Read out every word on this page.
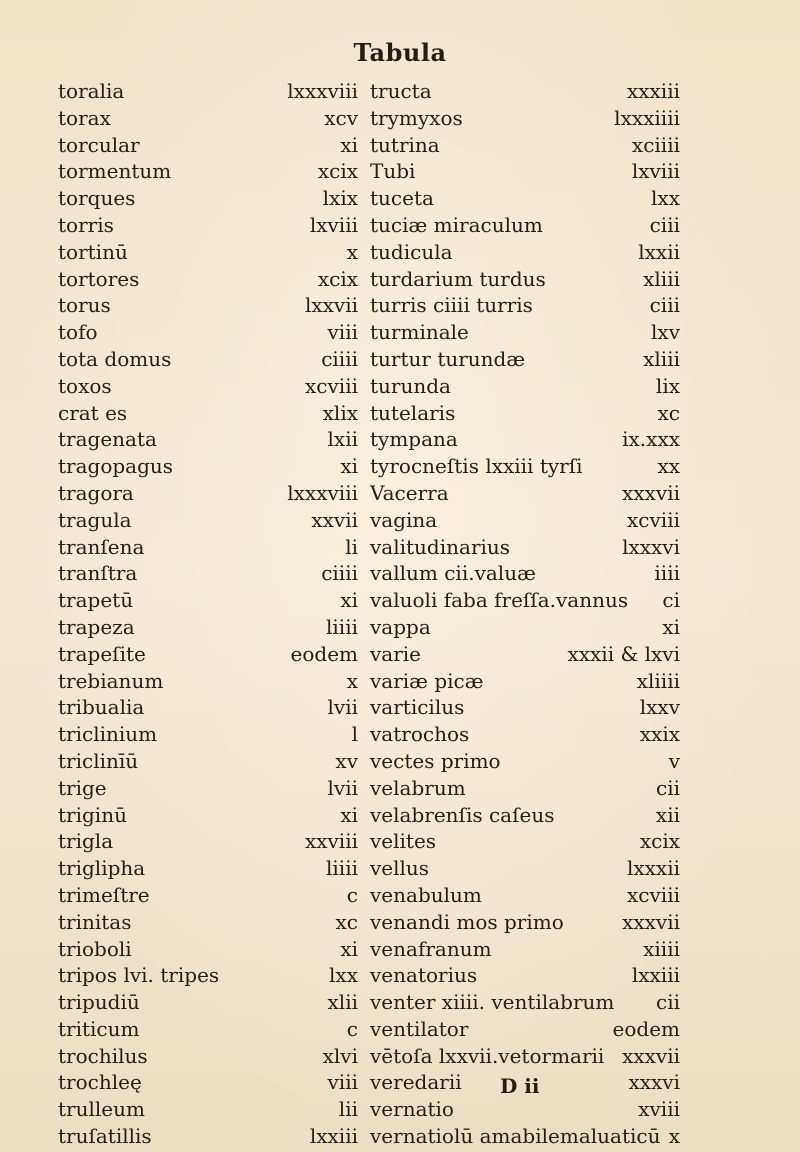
Tabula
toralia	lxxxviii
torax	xcv
torcular	xi
tormentum	xcix
torques	lxix
torris	lxviii
tortinū	x
tortores	xcix
torus	lxxvii
tofo	viii
tota domus	ciiii
toxos	xcviii
crat es	xlix
tragenata	lxii
tragopagus	xi
tragora	lxxxviii
tragula	xxvii
tranſena	li
tranſtra	ciiii
trapetū	xi
trapeza	liiii
trapeſite	eodem
trebianum	x
tribualia	lvii
triclinium	l
triclinīū	xv
trige	lvii
triginū	xi
trigla	xxviii
triglipha	liiii
trimeſtre	c
trinitas	xc
trioboli	xi
tripos lvi. tripes	lxx
tripudiū	xlii
triticum	c
trochilus	xlvi
trochleę	viii
trulleum	lii
truſatillis	lxxiii
tructa	xxxiii
trymyxos	lxxxiiii
tutrina	xciiii
Tubi	lxviii
tuceta	lxx
tuciæ miraculum	ciii
tudicula	lxxii
turdarium turdus	xliii
turris ciiii turris	ciii
turminale	lxv
turtur turundæ	xliii
turunda	lix
tutelaris	xc
tympana	ix.xxx
tyrocneſtis lxxiii tyrſi	xx
Vacerra	xxxvii
vagina	xcviii
valitudinarius	lxxxvi
vallum cii.valuæ	iiii
valuoli faba freſſa.vannus ci
vappa	xi
varie	xxxii & lxvi
variæ picæ	xliiii
varticilus	lxxv
vatrochos	xxix
vectes primo	v
velabrum	cii
velabrenſis caſeus	xii
velites	xcix
vellus	lxxxii
venabulum	xcviii
venandi mos primo	xxxvii
venafranum	xiiii
venatorius	lxxiii
venter xiiii. ventilabrum cii
ventilator	eodem
vētoſa lxxvii.vetormarii xxxvii
veredarii	xxxvi
vernatio	xviii
vernatiolū amabilemaluaticū x
D ii
